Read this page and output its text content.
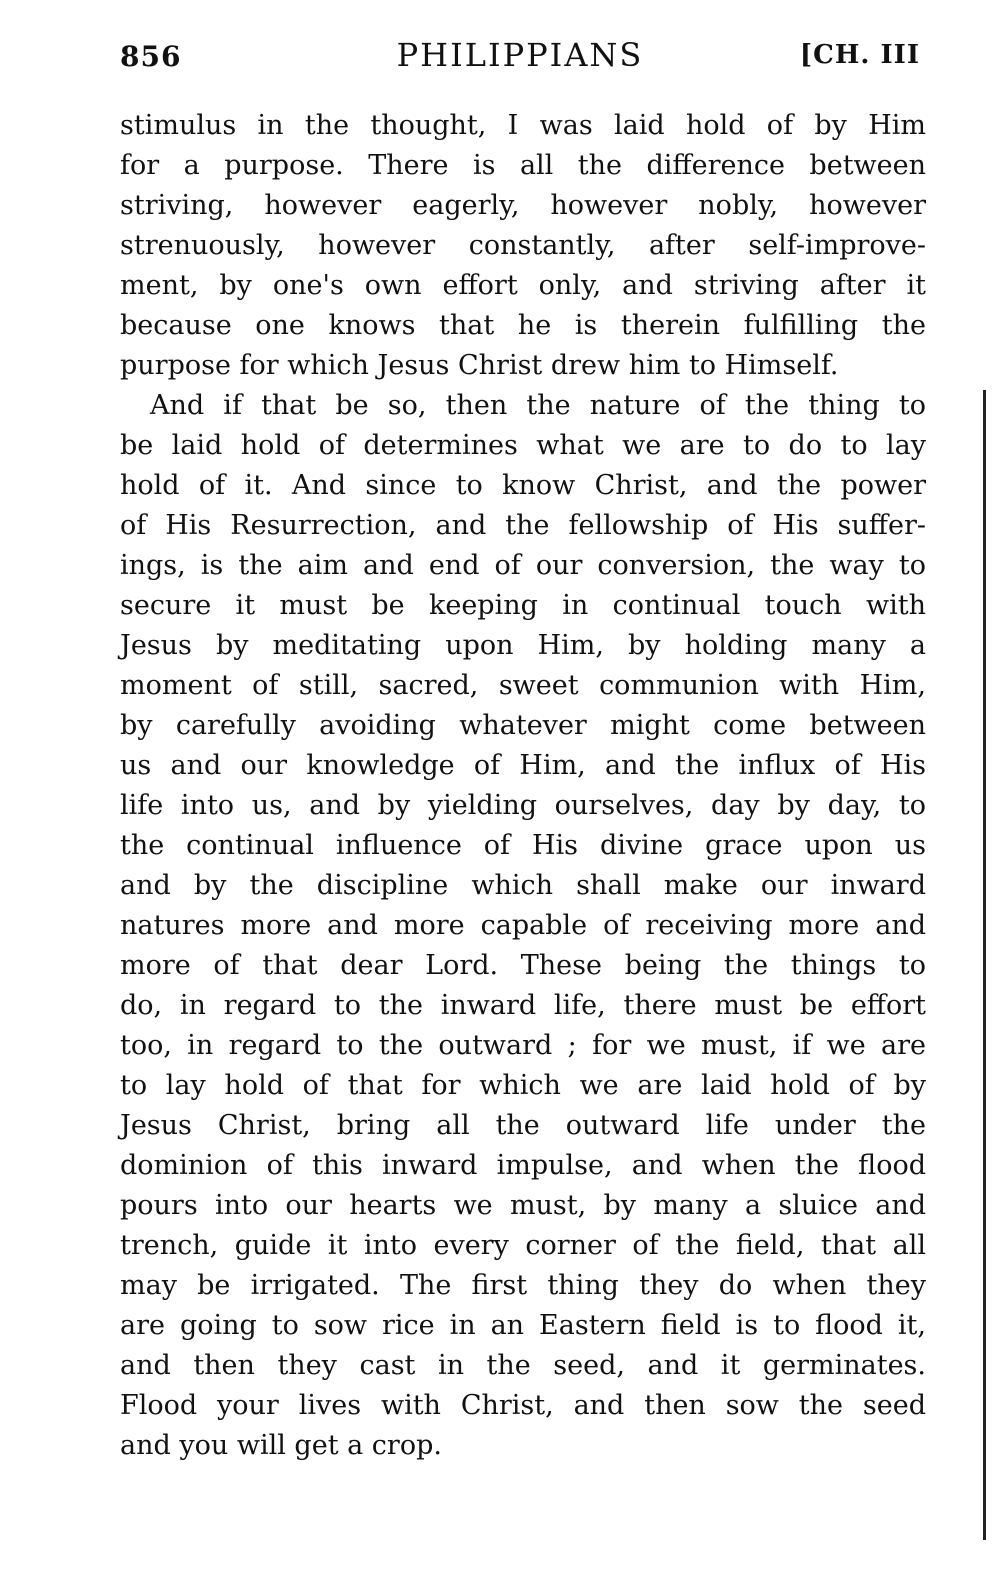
856	PHILIPPIANS	[CH. III
stimulus in the thought, I was laid hold of by Him
for a purpose. There is all the difference between
striving, however eagerly, however nobly, however
strenuously, however constantly, after self-improve-
ment, by one's own effort only, and striving after it
because one knows that he is therein fulfilling the
purpose for which Jesus Christ drew him to Himself.
And if that be so, then the nature of the thing to
be laid hold of determines what we are to do to lay
hold of it. And since to know Christ, and the power
of His Resurrection, and the fellowship of His suffer-
ings, is the aim and end of our conversion, the way to
secure it must be keeping in continual touch with
Jesus by meditating upon Him, by holding many a
moment of still, sacred, sweet communion with Him,
by carefully avoiding whatever might come between
us and our knowledge of Him, and the influx of His
life into us, and by yielding ourselves, day by day, to
the continual influence of His divine grace upon us
and by the discipline which shall make our inward
natures more and more capable of receiving more and
more of that dear Lord. These being the things to
do, in regard to the inward life, there must be effort
too, in regard to the outward ; for we must, if we are
to lay hold of that for which we are laid hold of by
Jesus Christ, bring all the outward life under the
dominion of this inward impulse, and when the flood
pours into our hearts we must, by many a sluice and
trench, guide it into every corner of the field, that all
may be irrigated. The first thing they do when they
are going to sow rice in an Eastern field is to flood it,
and then they cast in the seed, and it germinates.
Flood your lives with Christ, and then sow the seed
and you will get a crop.
